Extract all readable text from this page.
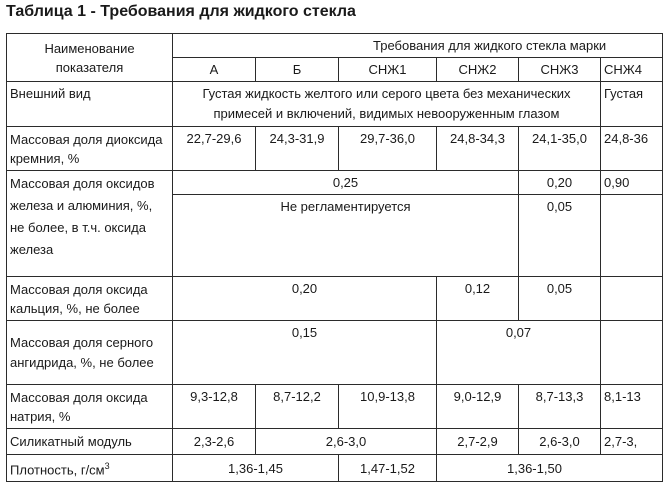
Таблица 1 - Требования для жидкого стекла
Наименование
показателя	Требования для жидкого стекла марки					
	А	Б	СНЖ1	СНЖ2	СНЖ3	СНЖ4
Внешний вид	Густая жидкость желтого или серого цвета без механических примесей и включений, видимых невооруженным глазом					Густая
Массовая доля диоксида кремния, %	22,7-29,6	24,3-31,9	29,7-36,0	24,8-34,3	24,1-35,0	24,8-36
Массовая доля оксидов железа и алюминия, %, не более, в т.ч. оксида железа	0,25				0,20	0,90
	Не регламентируется				0,05	
Массовая доля оксида кальция, %, не более	0,20			0,12	0,05	
Массовая доля серного ангидрида, %, не более	0,15			0,07		
Массовая доля оксида натрия, %	9,3-12,8	8,7-12,2	10,9-13,8	9,0-12,9	8,7-13,3	8,1-13
Силикатный модуль	2,3-2,6	2,6-3,0		2,7-2,9	2,6-3,0	2,7-3,
Плотность, $г/см^3$	1,36-1,45		1,47-1,52	1,36-1,50		
